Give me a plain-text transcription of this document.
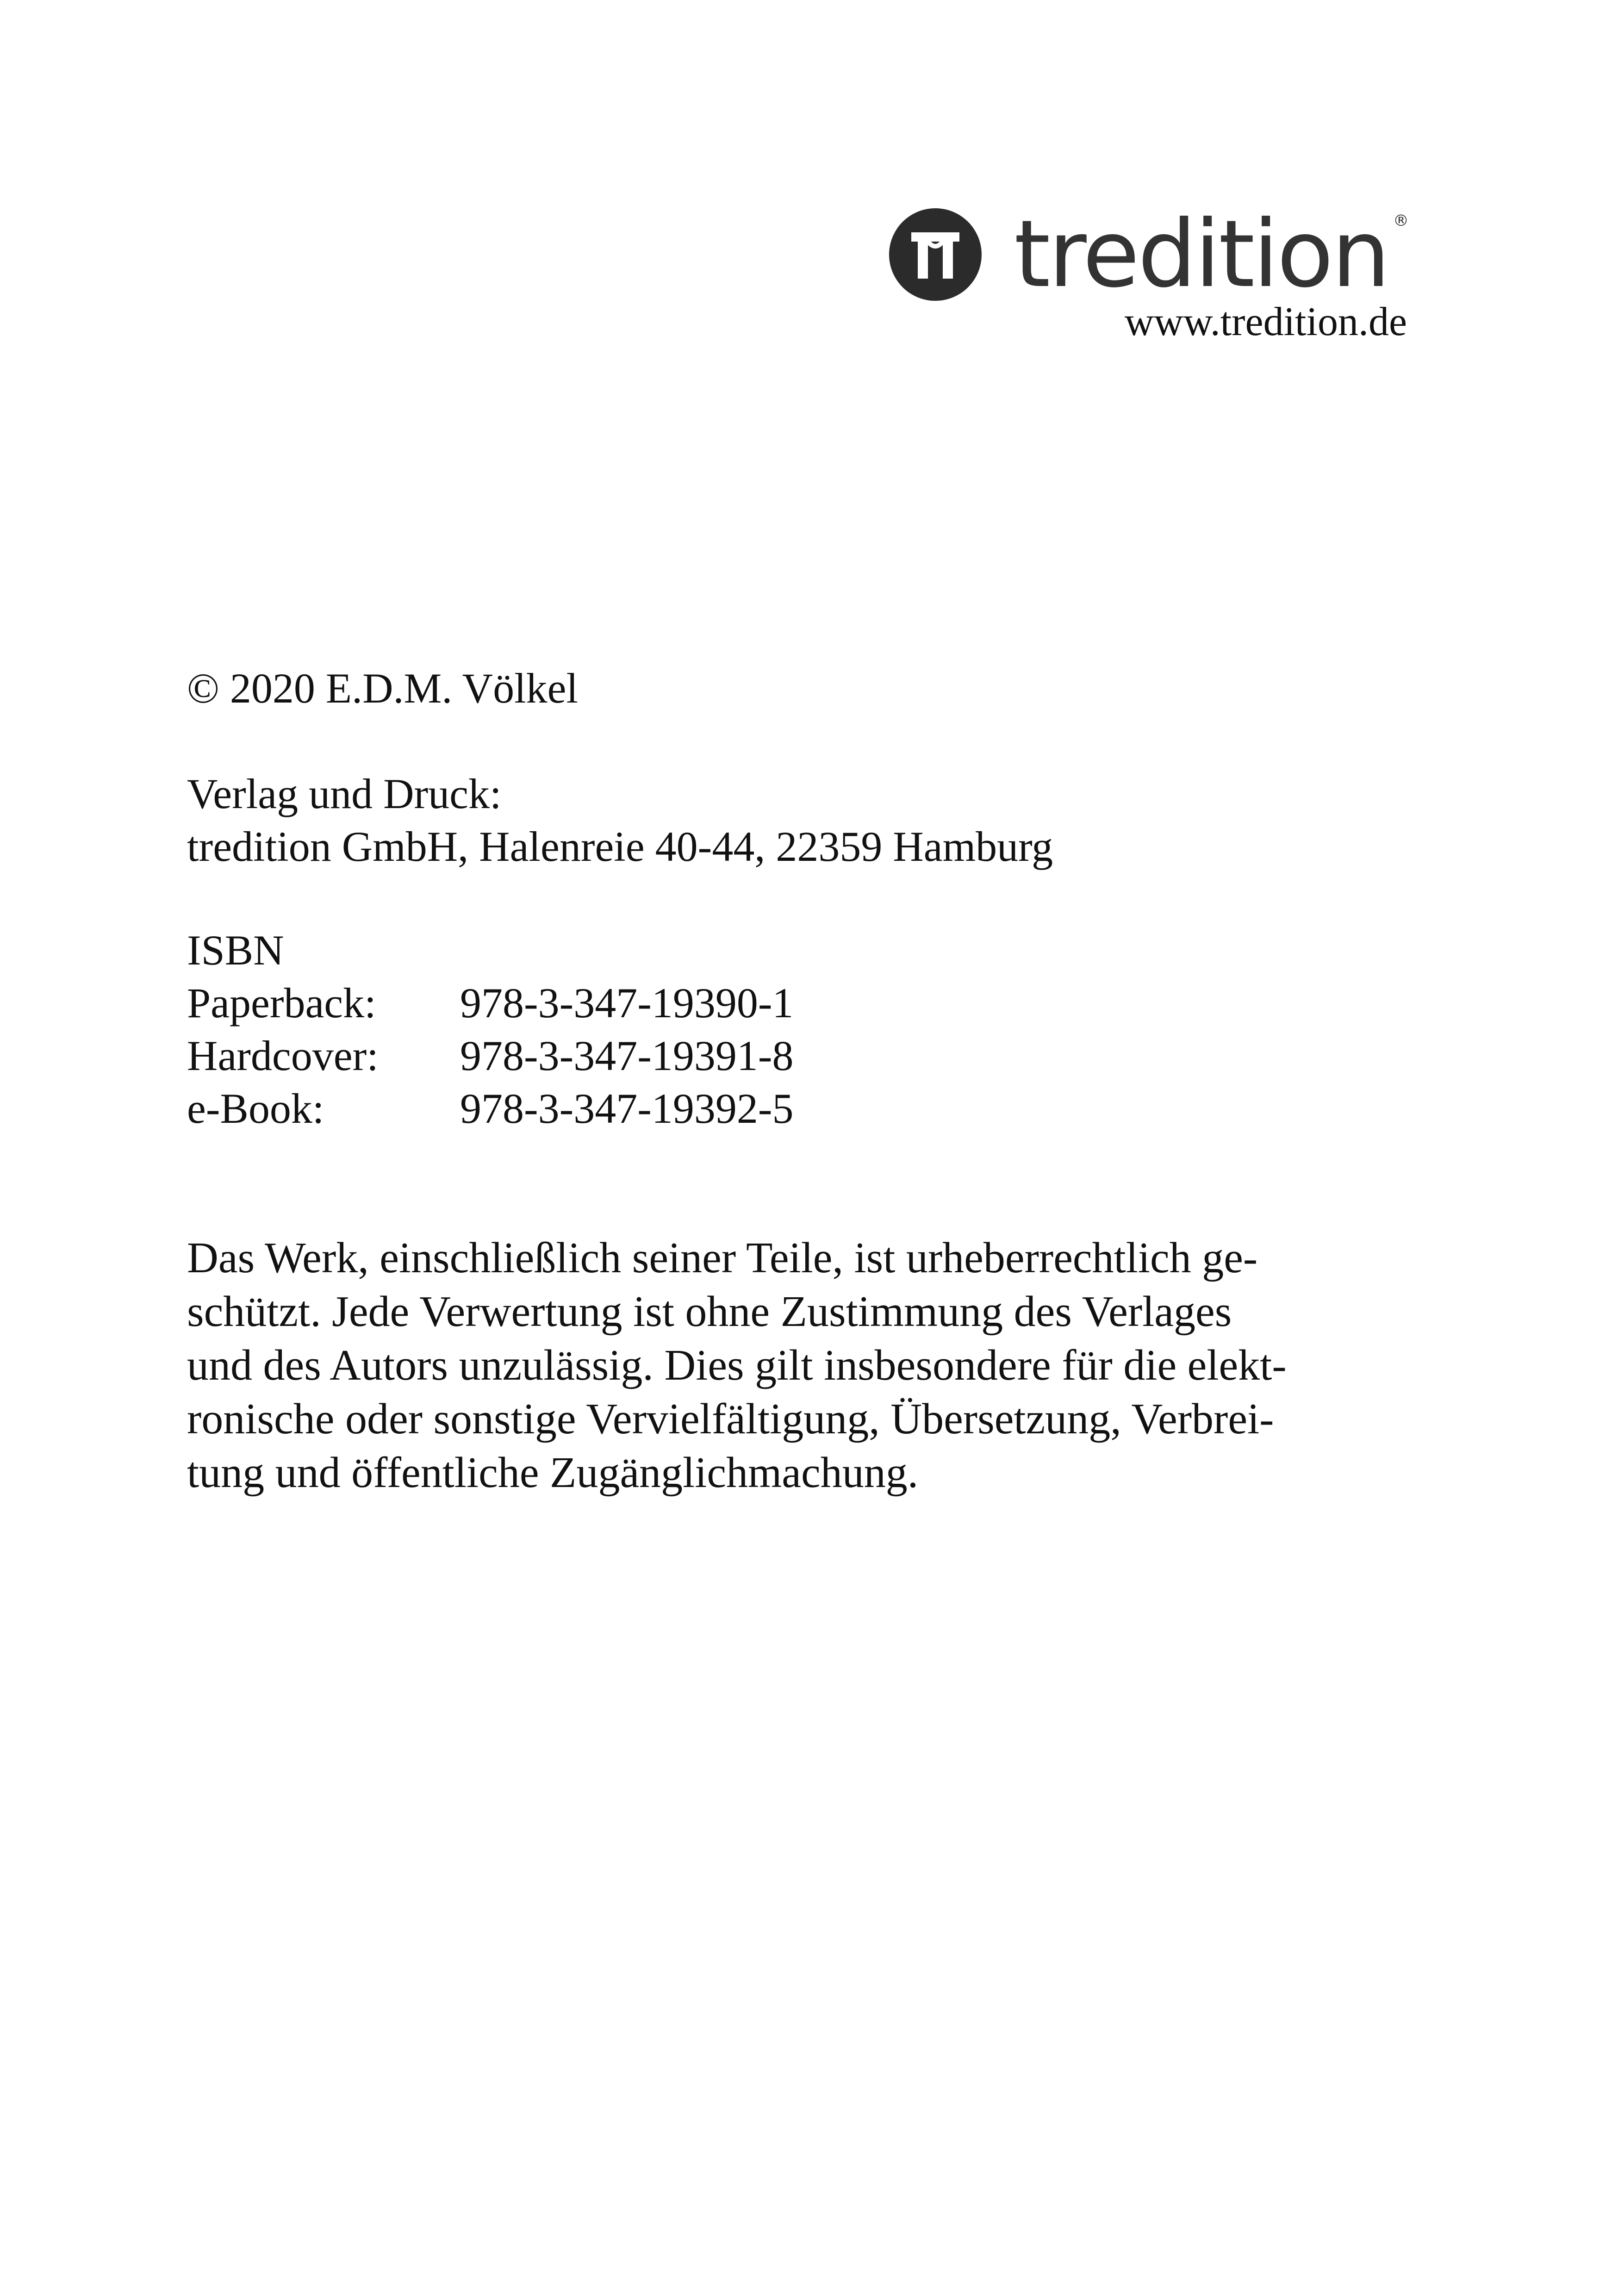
tredition ®
www.tredition.de
© 2020 E.D.M. Völkel
Verlag und Druck:
tredition GmbH, Halenreie 40-44, 22359 Hamburg
ISBN
Paperback:	978-3-347-19390-1
Hardcover:	978-3-347-19391-8
e-Book:	978-3-347-19392-5
Das Werk, einschließlich seiner Teile, ist urheberrechtlich ge-
schützt. Jede Verwertung ist ohne Zustimmung des Verlages
und des Autors unzulässig. Dies gilt insbesondere für die elekt-
ronische oder sonstige Vervielfältigung, Übersetzung, Verbrei-
tung und öffentliche Zugänglichmachung.
